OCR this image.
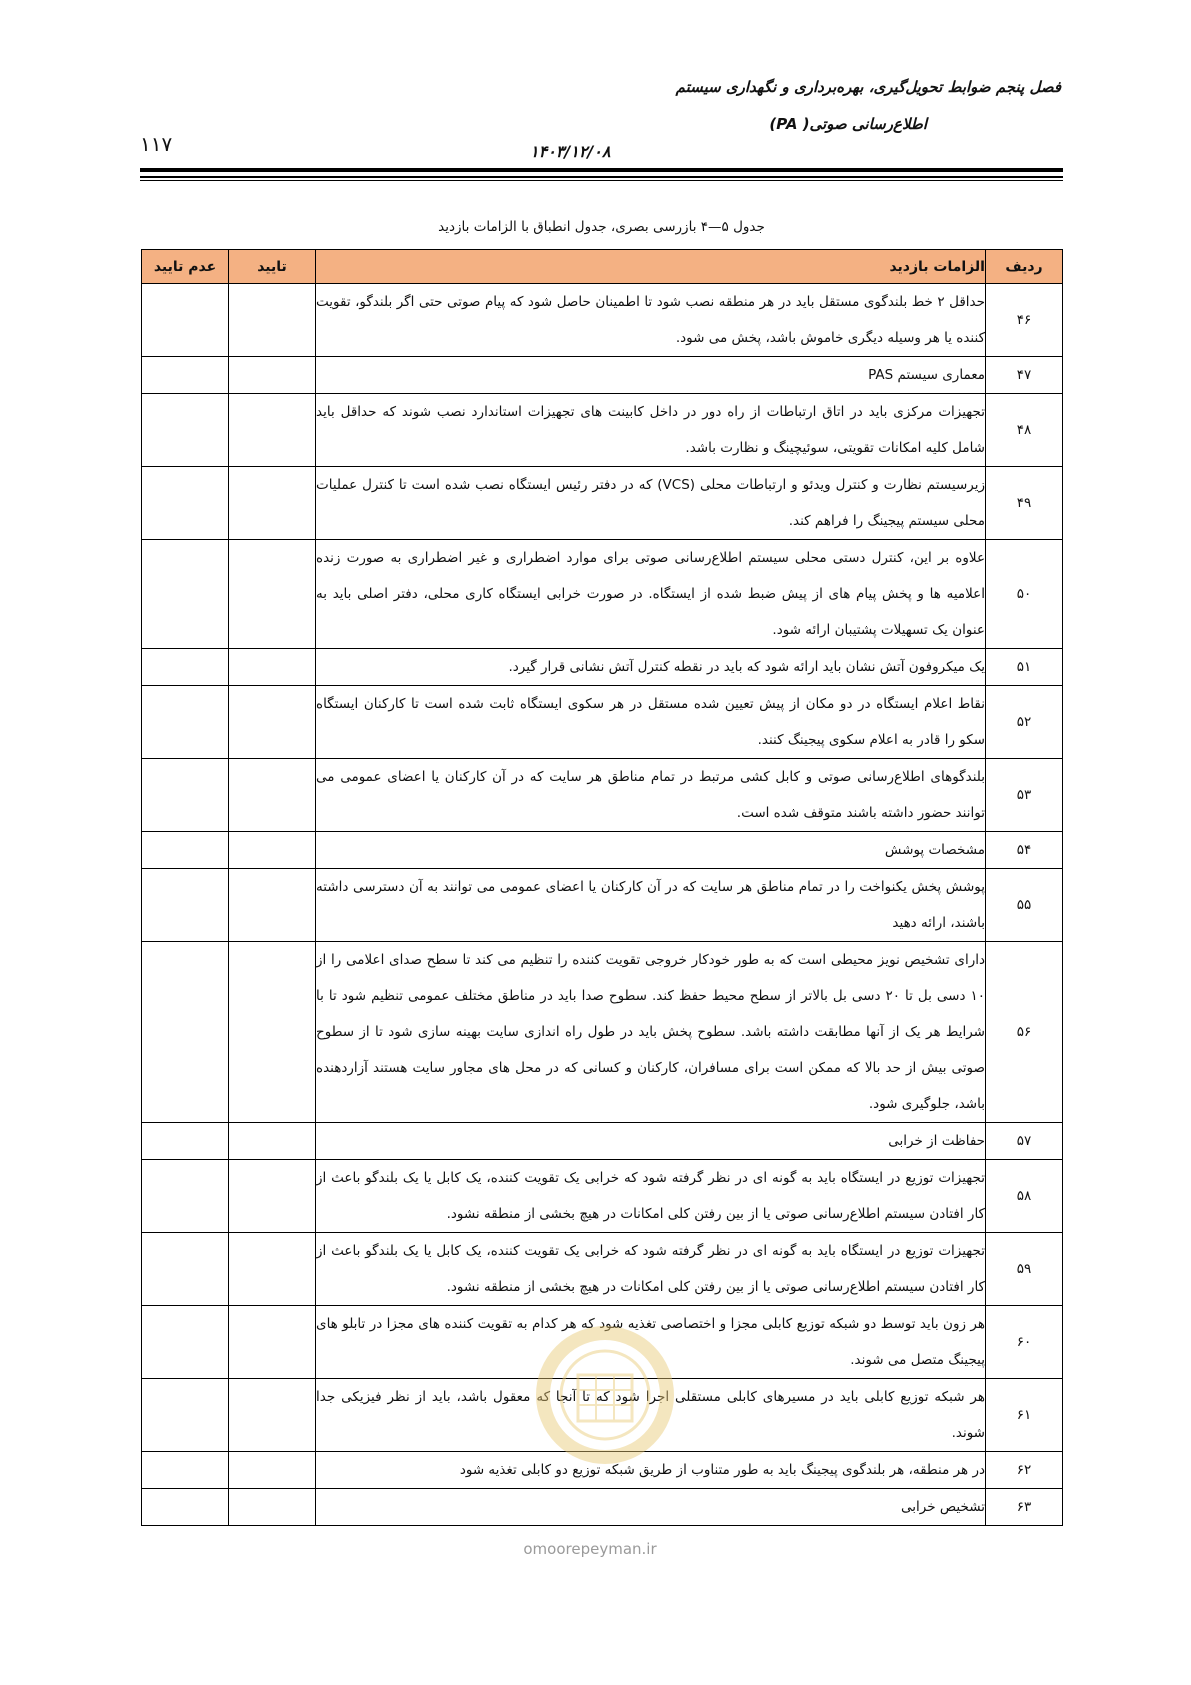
فصل پنجم ضوابط تحویل‌گیری، بهره‌برداری و نگهداری سیستم
اطلاع‌رسانی صوتی( PA)
۱۱۷	۱۴۰۳/۱۲/۰۸
جدول ۵—۴ بازرسی بصری، جدول انطباق با الزامات بازدید
ردیف	الزامات بازدید	تایید	عدم تایید
۴۶	حداقل ۲ خط بلندگوی مستقل باید در هر منطقه نصب شود تا اطمینان حاصل شود که پیام صوتی حتی اگر بلندگو، تقویت کننده یا هر وسیله دیگری خاموش باشد، پخش می شود.		
۴۷	معماری سیستم PAS		
۴۸	تجهیزات مرکزی باید در اتاق ارتباطات از راه دور در داخل کابینت های تجهیزات استاندارد نصب شوند که حداقل باید شامل کلیه امکانات تقویتی، سوئیچینگ و نظارت باشد.		
۴۹	زیرسیستم نظارت و کنترل ویدئو و ارتباطات محلی (VCS) که در دفتر رئیس ایستگاه نصب شده است تا کنترل عملیات محلی سیستم پیجینگ را فراهم کند.		
۵۰	علاوه بر این، کنترل دستی محلی سیستم اطلاع‌رسانی صوتی برای موارد اضطراری و غیر اضطراری به صورت زنده اعلامیه ها و پخش پیام های از پیش ضبط شده از ایستگاه. در صورت خرابی ایستگاه کاری محلی، دفتر اصلی باید به عنوان یک تسهیلات پشتیبان ارائه شود.		
۵۱	یک میکروفون آتش نشان باید ارائه شود که باید در نقطه کنترل آتش نشانی قرار گیرد.		
۵۲	نقاط اعلام ایستگاه در دو مکان از پیش تعیین شده مستقل در هر سکوی ایستگاه ثابت شده است تا کارکنان ایستگاه سکو را قادر به اعلام سکوی پیجینگ کنند.		
۵۳	بلندگوهای اطلاع‌رسانی صوتی و کابل کشی مرتبط در تمام مناطق هر سایت که در آن کارکنان یا اعضای عمومی می توانند حضور داشته باشند متوقف شده است.		
۵۴	مشخصات پوشش		
۵۵	پوشش پخش یکنواخت را در تمام مناطق هر سایت که در آن کارکنان یا اعضای عمومی می توانند به آن دسترسی داشته باشند، ارائه دهید		
۵۶	دارای تشخیص نویز محیطی است که به طور خودکار خروجی تقویت کننده را تنظیم می کند تا سطح صدای اعلامی را از ۱۰ دسی بل تا ۲۰ دسی بل بالاتر از سطح محیط حفظ کند. سطوح صدا باید در مناطق مختلف عمومی تنظیم شود تا با شرایط هر یک از آنها مطابقت داشته باشد. سطوح پخش باید در طول راه اندازی سایت بهینه سازی شود تا از سطوح صوتی بیش از حد بالا که ممکن است برای مسافران، کارکنان و کسانی که در محل های مجاور سایت هستند آزاردهنده باشد، جلوگیری شود.		
۵۷	حفاظت از خرابی		
۵۸	تجهیزات توزیع در ایستگاه باید به گونه ای در نظر گرفته شود که خرابی یک تقویت کننده، یک کابل یا یک بلندگو باعث از کار افتادن سیستم اطلاع‌رسانی صوتی یا از بین رفتن کلی امکانات در هیچ بخشی از منطقه نشود.		
۵۹	تجهیزات توزیع در ایستگاه باید به گونه ای در نظر گرفته شود که خرابی یک تقویت کننده، یک کابل یا یک بلندگو باعث از کار افتادن سیستم اطلاع‌رسانی صوتی یا از بین رفتن کلی امکانات در هیچ بخشی از منطقه نشود.		
۶۰	هر زون باید توسط دو شبکه توزیع کابلی مجزا و اختصاصی تغذیه شود که هر کدام به تقویت کننده های مجزا در تابلو های پیجینگ متصل می شوند.		
۶۱	هر شبکه توزیع کابلی باید در مسیرهای کابلی مستقلی اجرا شود که تا آنجا که معقول باشد، باید از نظر فیزیکی جدا شوند.		
۶۲	در هر منطقه، هر بلندگوی پیجینگ باید به طور متناوب از طریق شبکه توزیع دو کابلی تغذیه شود		
۶۳	تشخیص خرابی		
omoorepeyman.ir
